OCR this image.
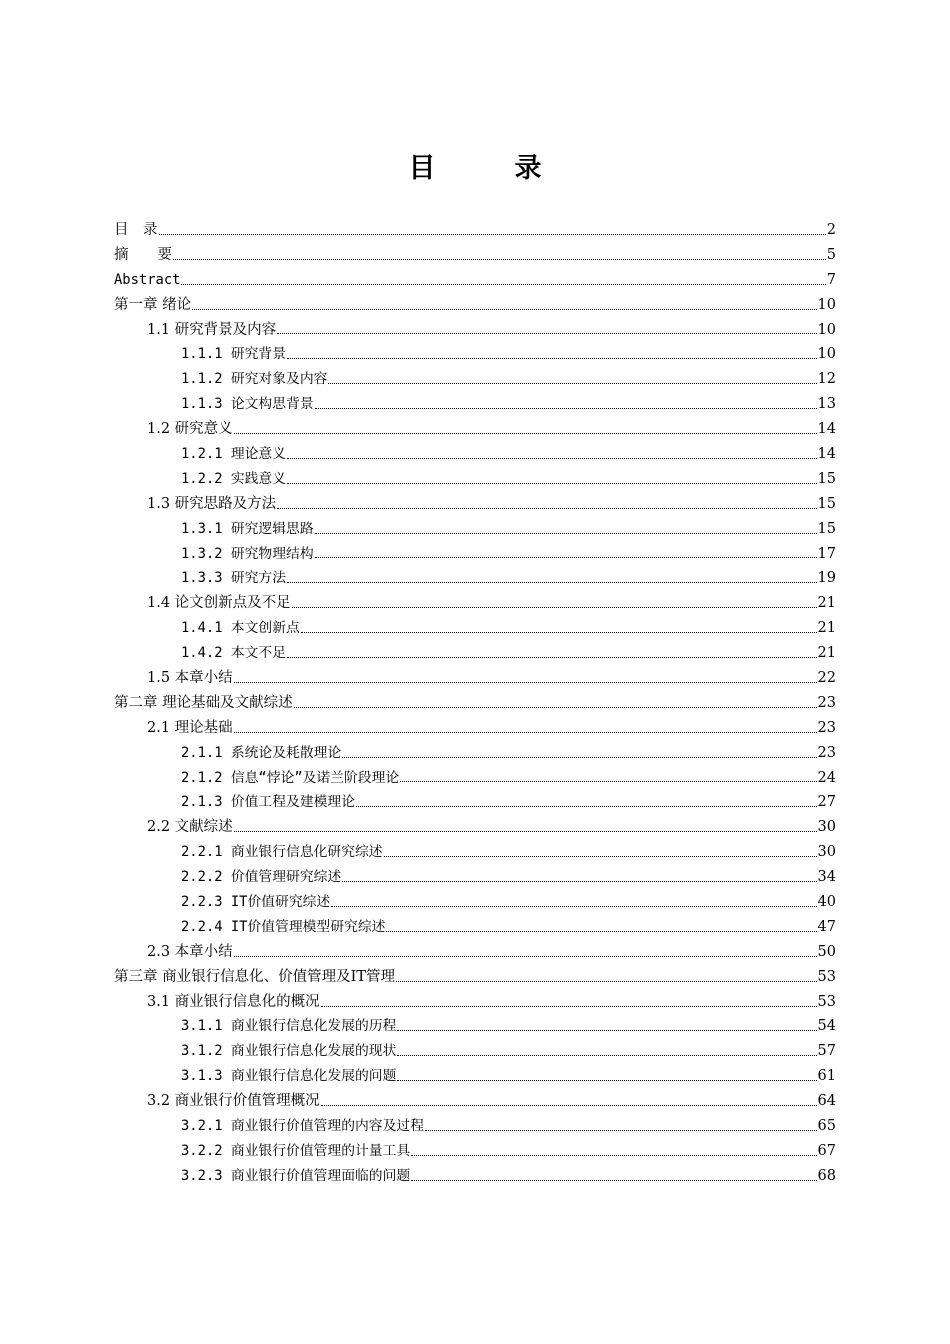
目　录
目　录	2
摘　　要	5
Abstract	7
第一章 绪论	10
1.1 研究背景及内容	10
1.1.1 研究背景	10
1.1.2 研究对象及内容	12
1.1.3 论文构思背景	13
1.2 研究意义	14
1.2.1 理论意义	14
1.2.2 实践意义	15
1.3 研究思路及方法	15
1.3.1 研究逻辑思路	15
1.3.2 研究物理结构	17
1.3.3 研究方法	19
1.4 论文创新点及不足	21
1.4.1 本文创新点	21
1.4.2 本文不足	21
1.5 本章小结	22
第二章 理论基础及文献综述	23
2.1 理论基础	23
2.1.1 系统论及耗散理论	23
2.1.2 信息“悖论”及诺兰阶段理论	24
2.1.3 价值工程及建模理论	27
2.2 文献综述	30
2.2.1 商业银行信息化研究综述	30
2.2.2 价值管理研究综述	34
2.2.3 IT价值研究综述	40
2.2.4 IT价值管理模型研究综述	47
2.3 本章小结	50
第三章 商业银行信息化、价值管理及IT管理	53
3.1 商业银行信息化的概况	53
3.1.1 商业银行信息化发展的历程	54
3.1.2 商业银行信息化发展的现状	57
3.1.3 商业银行信息化发展的问题	61
3.2 商业银行价值管理概况	64
3.2.1 商业银行价值管理的内容及过程	65
3.2.2 商业银行价值管理的计量工具	67
3.2.3 商业银行价值管理面临的问题	68
